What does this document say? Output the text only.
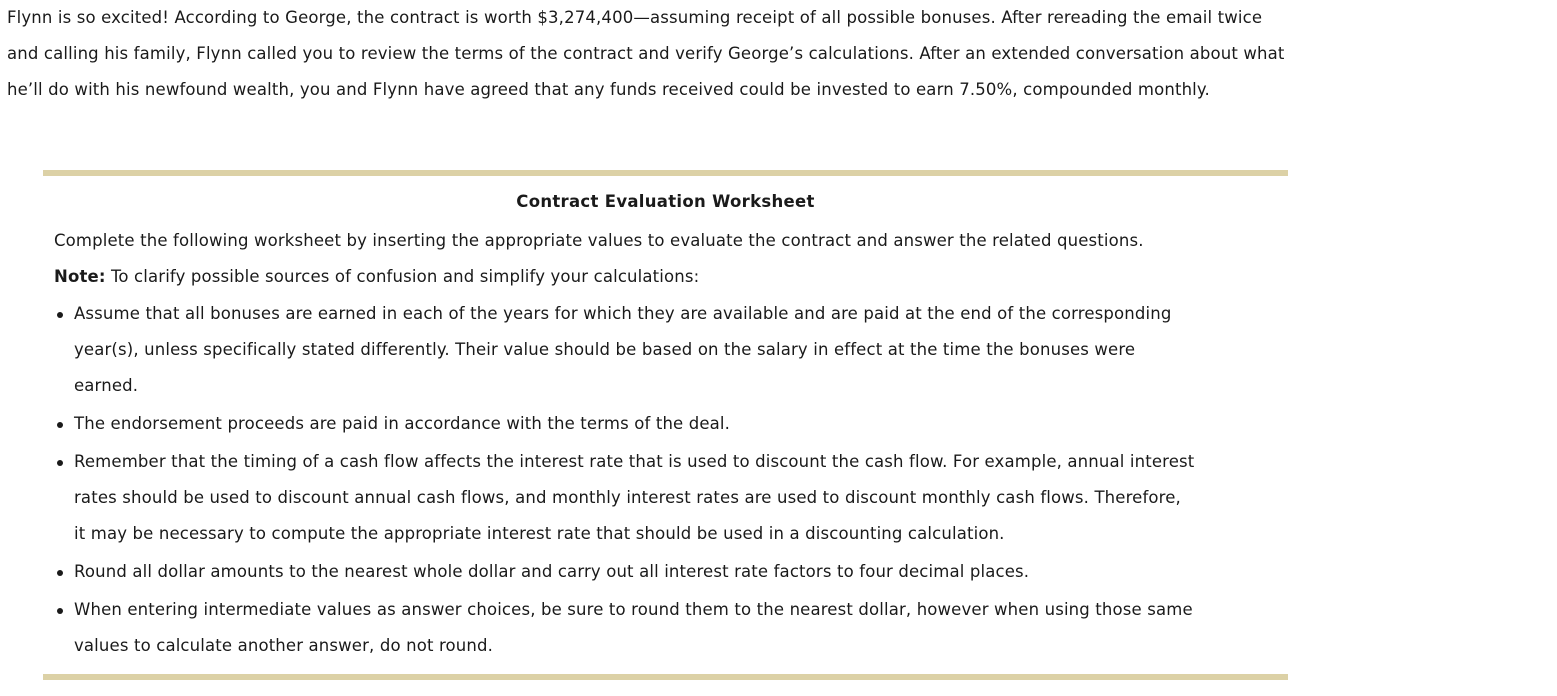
Flynn is so excited! According to George, the contract is worth $3,274,400—assuming receipt of all possible bonuses. After rereading the email twice
and calling his family, Flynn called you to review the terms of the contract and verify George’s calculations. After an extended conversation about what
he’ll do with his newfound wealth, you and Flynn have agreed that any funds received could be invested to earn 7.50%, compounded monthly.

Contract Evaluation Worksheet

Complete the following worksheet by inserting the appropriate values to evaluate the contract and answer the related questions.

Note: To clarify possible sources of confusion and simplify your calculations:

Assume that all bonuses are earned in each of the years for which they are available and are paid at the end of the corresponding
year(s), unless specifically stated differently. Their value should be based on the salary in effect at the time the bonuses were
earned.
The endorsement proceeds are paid in accordance with the terms of the deal.
Remember that the timing of a cash flow affects the interest rate that is used to discount the cash flow. For example, annual interest
rates should be used to discount annual cash flows, and monthly interest rates are used to discount monthly cash flows. Therefore,
it may be necessary to compute the appropriate interest rate that should be used in a discounting calculation.
Round all dollar amounts to the nearest whole dollar and carry out all interest rate factors to four decimal places.
When entering intermediate values as answer choices, be sure to round them to the nearest dollar, however when using those same
values to calculate another answer, do not round.
